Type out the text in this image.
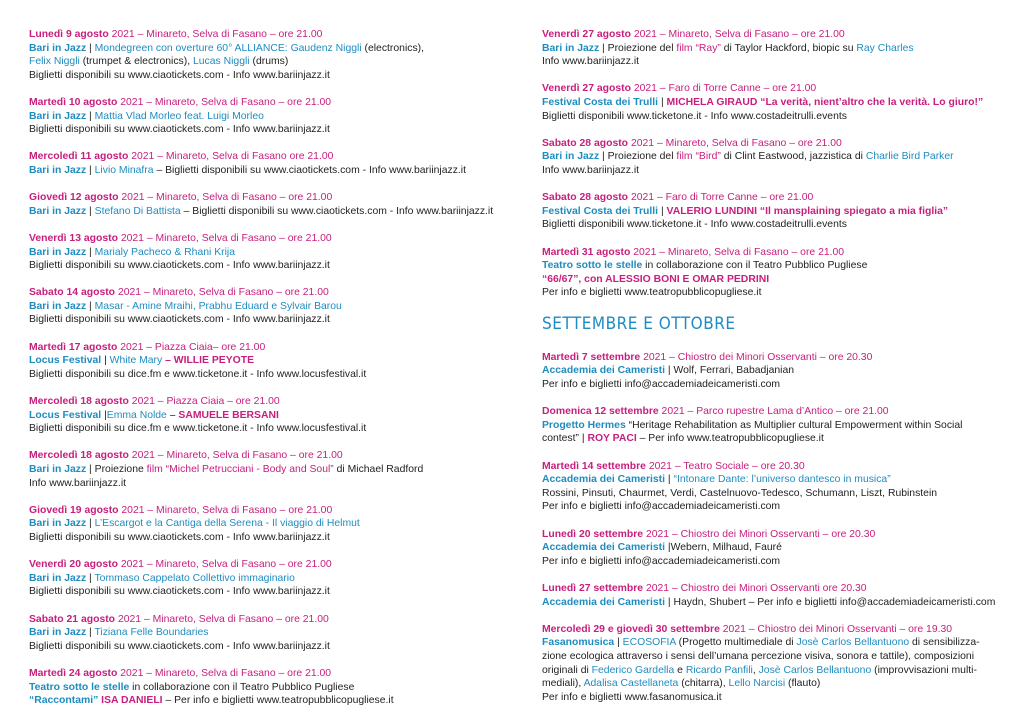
Lunedì 9 agosto 2021 – Minareto, Selva di Fasano – ore 21.00
Bari in Jazz | Mondegreen con overture 60° ALLIANCE: Gaudenz Niggli (electronics),
Felix Niggli (trumpet & electronics), Lucas Niggli (drums)
Biglietti disponibili su www.ciaotickets.com - Info www.bariinjazz.it
Martedì 10 agosto 2021 – Minareto, Selva di Fasano – ore 21.00
Bari in Jazz | Mattia Vlad Morleo feat. Luigi Morleo
Biglietti disponibili su www.ciaotickets.com - Info www.bariinjazz.it
Mercoledì 11 agosto 2021 – Minareto, Selva di Fasano ore 21.00
Bari in Jazz | Livio Minafra – Biglietti disponibili su www.ciaotickets.com - Info www.bariinjazz.it
Giovedì 12 agosto 2021 – Minareto, Selva di Fasano – ore 21.00
Bari in Jazz | Stefano Di Battista – Biglietti disponibili su www.ciaotickets.com - Info www.bariinjazz.it
Venerdì 13 agosto 2021 – Minareto, Selva di Fasano – ore 21.00
Bari in Jazz | Marialy Pacheco & Rhani Krija
Biglietti disponibili su www.ciaotickets.com - Info www.bariinjazz.it
Sabato 14 agosto 2021 – Minareto, Selva di Fasano – ore 21.00
Bari in Jazz | Masar - Amine Mraihi, Prabhu Eduard e Sylvair Barou
Biglietti disponibili su www.ciaotickets.com - Info www.bariinjazz.it
Martedì 17 agosto 2021 – Piazza Ciaia– ore 21.00
Locus Festival | White Mary – WILLIE PEYOTE
Biglietti disponibili su dice.fm e www.ticketone.it - Info www.locusfestival.it
Mercoledì 18 agosto 2021 – Piazza Ciaia – ore 21.00
Locus Festival |Emma Nolde – SAMUELE BERSANI
Biglietti disponibili su dice.fm e www.ticketone.it - Info www.locusfestival.it
Mercoledì 18 agosto 2021 – Minareto, Selva di Fasano – ore 21.00
Bari in Jazz | Proiezione film “Michel Petrucciani - Body and Soul” di Michael Radford
Info www.bariinjazz.it
Giovedì 19 agosto 2021 – Minareto, Selva di Fasano – ore 21.00
Bari in Jazz | L’Escargot e la Cantiga della Serena - Il viaggio di Helmut
Biglietti disponibili su www.ciaotickets.com - Info www.bariinjazz.it
Venerdì 20 agosto 2021 – Minareto, Selva di Fasano – ore 21.00
Bari in Jazz | Tommaso Cappelato Collettivo immaginario
Biglietti disponibili su www.ciaotickets.com - Info www.bariinjazz.it
Sabato 21 agosto 2021 – Minareto, Selva di Fasano – ore 21.00
Bari in Jazz | Tiziana Felle Boundaries
Biglietti disponibili su www.ciaotickets.com - Info www.bariinjazz.it
Martedì 24 agosto 2021 – Minareto, Selva di Fasano – ore 21.00
Teatro sotto le stelle in collaborazione con il Teatro Pubblico Pugliese
“Raccontami” ISA DANIELI – Per info e biglietti www.teatropubblicopugliese.it
Venerdì 27 agosto 2021 – Minareto, Selva di Fasano – ore 21.00
Bari in Jazz | Proiezione del film “Ray” di Taylor Hackford, biopic su Ray Charles
Info www.bariinjazz.it
Venerdì 27 agosto 2021 – Faro di Torre Canne – ore 21.00
Festival Costa dei Trulli | MICHELA GIRAUD “La verità, nient’altro che la verità. Lo giuro!”
Biglietti disponibili www.ticketone.it - Info www.costadeitrulli.events
Sabato 28 agosto 2021 – Minareto, Selva di Fasano – ore 21.00
Bari in Jazz | Proiezione del film “Bird” di Clint Eastwood, jazzistica di Charlie Bird Parker
Info www.bariinjazz.it
Sabato 28 agosto 2021 – Faro di Torre Canne – ore 21.00
Festival Costa dei Trulli | VALERIO LUNDINI “Il mansplaining spiegato a mia figlia”
Biglietti disponibili www.ticketone.it - Info www.costadeitrulli.events
Martedì 31 agosto 2021 – Minareto, Selva di Fasano – ore 21.00
Teatro sotto le stelle in collaborazione con il Teatro Pubblico Pugliese
“66/67”, con ALESSIO BONI E OMAR PEDRINI
Per info e biglietti www.teatropubblicopugliese.it
SETTEMBRE E OTTOBRE
Martedì 7 settembre 2021 – Chiostro dei Minori Osservanti – ore 20.30
Accademia dei Cameristi | Wolf, Ferrari, Babadjanian
Per info e biglietti info@accademiadeicameristi.com
Domenica 12 settembre 2021 – Parco rupestre Lama d’Antico – ore 21.00
Progetto Hermes “Heritage Rehabilitation as Multiplier cultural Empowerment within Social
contest” | ROY PACI – Per info www.teatropubblicopugliese.it
Martedì 14 settembre 2021 – Teatro Sociale – ore 20.30
Accademia dei Cameristi | “Intonare Dante: l’universo dantesco in musica”
Rossini, Pinsuti, Chaurmet, Verdi, Castelnuovo-Tedesco, Schumann, Liszt, Rubinstein
Per info e biglietti info@accademiadeicameristi.com
Lunedì 20 settembre 2021 – Chiostro dei Minori Osservanti – ore 20.30
Accademia dei Cameristi |Webern, Milhaud, Fauré
Per info e biglietti info@accademiadeicameristi.com
Lunedì 27 settembre 2021 – Chiostro dei Minori Osservanti ore 20.30
Accademia dei Cameristi | Haydn, Shubert – Per info e biglietti info@accademiadeicameristi.com
Mercoledì 29 e giovedì 30 settembre 2021 – Chiostro dei Minori Osservanti – ore 19.30
Fasanomusica | ECOSOFIA (Progetto multimediale di Josè Carlos Bellantuono di sensibilizza-
zione ecologica attraverso i sensi dell’umana percezione visiva, sonora e tattile), composizioni
originali di Federico Gardella e Ricardo Panfili, Josè Carlos Bellantuono (improvvisazioni multi-
mediali), Adalisa Castellaneta (chitarra), Lello Narcisi (flauto)
Per info e biglietti www.fasanomusica.it
